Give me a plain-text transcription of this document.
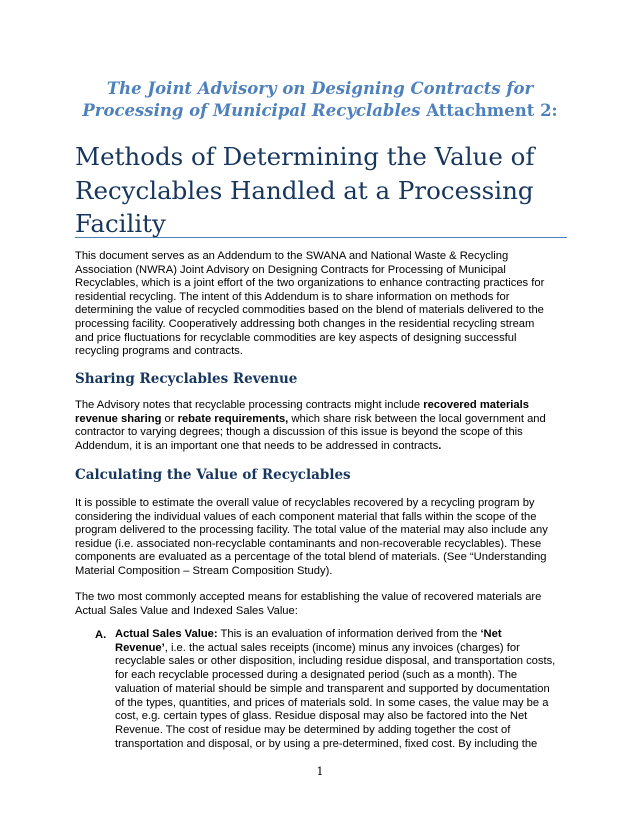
The Joint Advisory on Designing Contracts for
Processing of Municipal Recyclables Attachment 2:
Methods of Determining the Value of
Recyclables Handled at a Processing
Facility
This document serves as an Addendum to the SWANA and National Waste & Recycling
Association (NWRA) Joint Advisory on Designing Contracts for Processing of Municipal
Recyclables, which is a joint effort of the two organizations to enhance contracting practices for
residential recycling. The intent of this Addendum is to share information on methods for
determining the value of recycled commodities based on the blend of materials delivered to the
processing facility. Cooperatively addressing both changes in the residential recycling stream
and price fluctuations for recyclable commodities are key aspects of designing successful
recycling programs and contracts.
Sharing Recyclables Revenue
The Advisory notes that recyclable processing contracts might include recovered materials
revenue sharing or rebate requirements, which share risk between the local government and
contractor to varying degrees; though a discussion of this issue is beyond the scope of this
Addendum, it is an important one that needs to be addressed in contracts.
Calculating the Value of Recyclables
It is possible to estimate the overall value of recyclables recovered by a recycling program by
considering the individual values of each component material that falls within the scope of the
program delivered to the processing facility. The total value of the material may also include any
residue (i.e. associated non-recyclable contaminants and non-recoverable recyclables). These
components are evaluated as a percentage of the total blend of materials. (See “Understanding
Material Composition – Stream Composition Study).
The two most commonly accepted means for establishing the value of recovered materials are
Actual Sales Value and Indexed Sales Value:
A. Actual Sales Value: This is an evaluation of information derived from the ‘Net
Revenue’, i.e. the actual sales receipts (income) minus any invoices (charges) for
recyclable sales or other disposition, including residue disposal, and transportation costs,
for each recyclable processed during a designated period (such as a month). The
valuation of material should be simple and transparent and supported by documentation
of the types, quantities, and prices of materials sold. In some cases, the value may be a
cost, e.g. certain types of glass. Residue disposal may also be factored into the Net
Revenue. The cost of residue may be determined by adding together the cost of
transportation and disposal, or by using a pre-determined, fixed cost. By including the
1
